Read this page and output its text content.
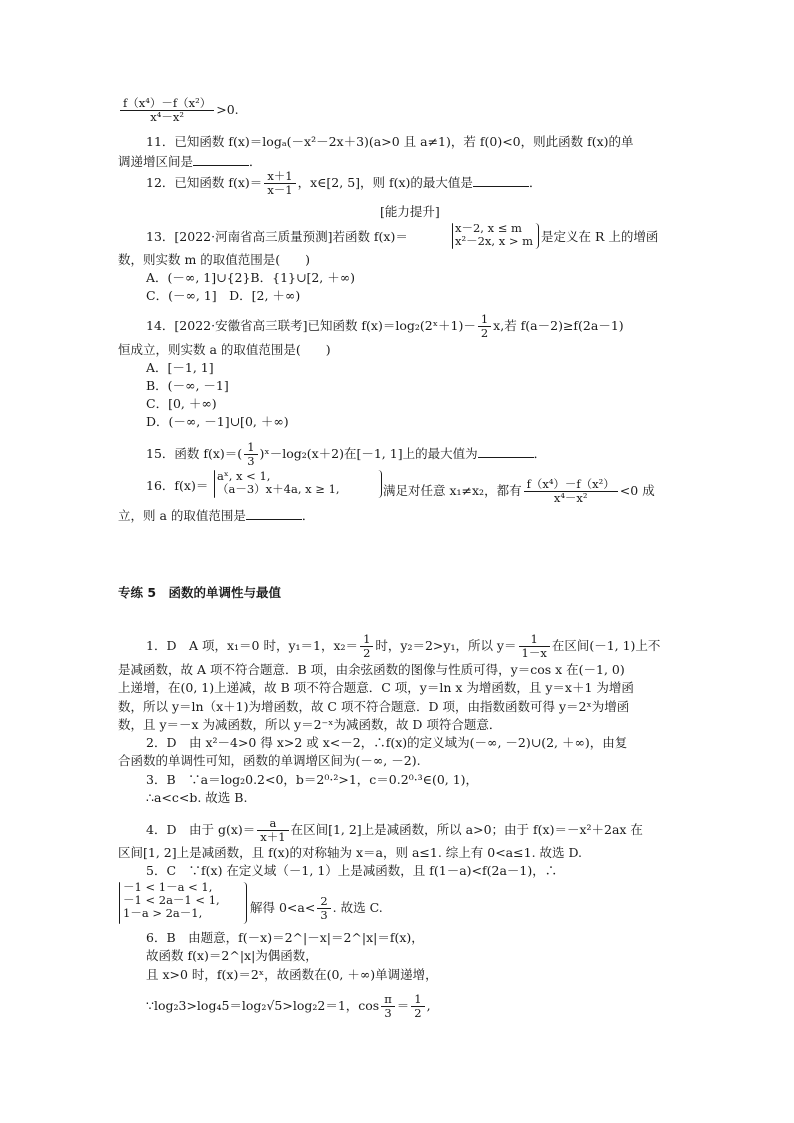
$\frac{\text{f（x⁴）－f（x²）}}{\text{x⁴－x²}} >0$.
11．已知函数 f(x)＝logₐ(－x²－2x＋3)(a>0 且 a≠1)，若 f(0)<0，则此函数 f(x)的单
调递增区间是	．
12．已知函数 $f(x)= \frac{x+1}{x-1}$ ，x∈[2, 5]，则 f(x)的最大值是	．
[能力提升]
13．[2022·河南省高三质量预测]若函数 f(x)＝
x－2, x ≤ m
x²－2x, x > m 是定义在 R 上的增函
数，则实数 m 的取值范围是(　　)
A．(－∞, 1]∪{2}B．{1}∪[2, ＋∞)
C．(－∞, 1]　D．[2, ＋∞)
14．[2022·安徽省高三联考]已知函数 f(x)＝log₂(2ˣ＋1)－ $\frac{1}{2} x$,若 f(a－2)≥f(2a－1)
恒成立，则实数 a 的取值范围是(　　)
A．[－1, 1]
B．(－∞, －1]
C．[0, ＋∞)
D．(－∞, －1]∪[0, ＋∞)
15．函数 $f(x)=( \frac{1}{3}$ )ˣ－log₂(x＋2)在[－1, 1]上的最大值为	．
16．f(x)＝
aˣ, x < 1,
（a－3）x＋4a, x ≥ 1,	满足对任意 x₁≠x₂，都有 $\frac{\text{f（x⁴）－f（x²）}}{\text{x⁴－x²}} <0$ 成
立，则 a 的取值范围是	．
专练 5　函数的单调性与最值
1．D　A 项，x₁＝0 时，y₁＝1，$x_2= \frac{1}{2}$ 时，y₂＝2>y₁，所以 $y= \frac{1}{1-x}$ 在区间(－1, 1)上不
是减函数，故 A 项不符合题意．B 项，由余弦函数的图像与性质可得，y＝cos x 在(－1, 0)
上递增，在(0, 1)上递减，故 B 项不符合题意．C 项，y＝ln x 为增函数，且 y＝x＋1 为增函
数，所以 y＝ln（x＋1)为增函数，故 C 项不符合题意．D 项，由指数函数可得 y＝2ˣ为增函
数，且 y＝－x 为减函数，所以 y＝2⁻ˣ为减函数，故 D 项符合题意．
2．D　由 x²－4>0 得 x>2 或 x<－2，∴f(x)的定义域为(－∞, －2)∪(2, ＋∞)，由复
合函数的单调性可知，函数的单调增区间为(－∞, －2).
3．B　∵a＝log₂0.2<0，b＝2⁰·²>1，c＝0.2⁰·³∈(0, 1)，
∴a<c<b. 故选 B.
4．D　由于 $g(x)= \frac{a}{x+1}$ 在区间[1, 2]上是减函数，所以 a>0；由于 f(x)＝－x²＋2ax 在
区间[1, 2]上是减函数，且 f(x)的对称轴为 x＝a，则 a≤1. 综上有 0<a≤1. 故选 D.
5．C　∵f(x) 在定义域（－1, 1）上是减函数，且 f(1－a)<f(2a－1)，∴
－1 < 1－a < 1,
－1 < 2a－1 < 1,
1－a > 2a－1,	解得 $0<a< \frac{2}{3}$ . 故选 C.
6．B　由题意，f(－x)＝2^|－x|＝2^|x|＝f(x)，
故函数 f(x)＝2^|x|为偶函数，
且 x>0 时，f(x)＝2ˣ，故函数在(0, ＋∞)单调递增，
∵log₂3>log₄5＝log₂√5>log₂2＝1，$\cos \frac{\pi}{3} = \frac{1}{2}$ ,
